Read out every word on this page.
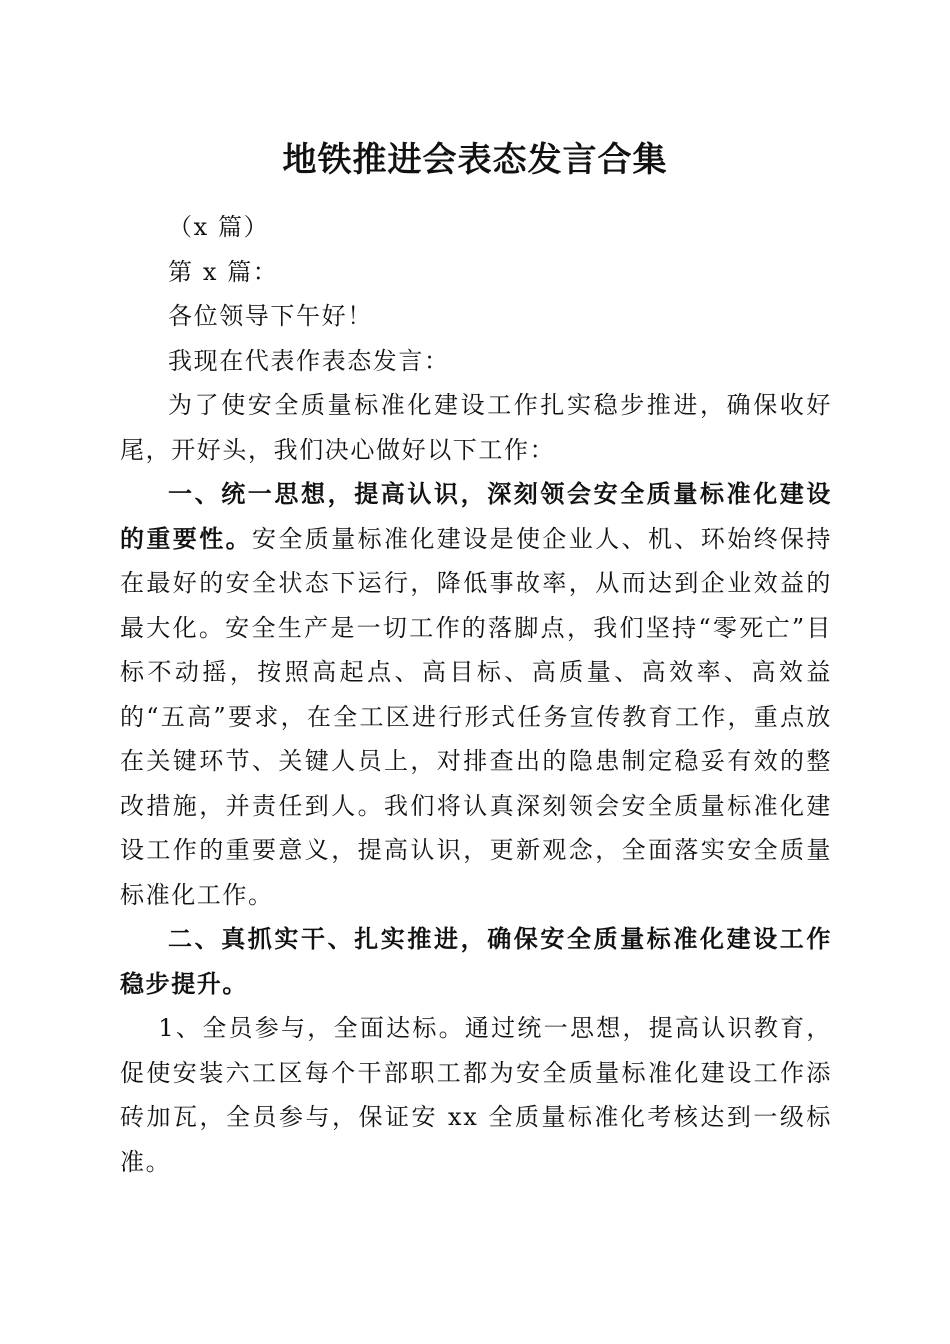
地铁推进会表态发言合集

（x 篇）

第 x 篇：

各位领导下午好！

我现在代表作表态发言：

为了使安全质量标准化建设工作扎实稳步推进，确保收好尾，开好头，我们决心做好以下工作：

一、统一思想，提高认识，深刻领会安全质量标准化建设的重要性。安全质量标准化建设是使企业人、机、环始终保持在最好的安全状态下运行，降低事故率，从而达到企业效益的最大化。安全生产是一切工作的落脚点，我们坚持“零死亡”目标不动摇，按照高起点、高目标、高质量、高效率、高效益的“五高”要求，在全工区进行形式任务宣传教育工作，重点放在关键环节、关键人员上，对排查出的隐患制定稳妥有效的整改措施，并责任到人。我们将认真深刻领会安全质量标准化建设工作的重要意义，提高认识，更新观念，全面落实安全质量标准化工作。

二、真抓实干、扎实推进，确保安全质量标准化建设工作稳步提升。

1、全员参与，全面达标。通过统一思想，提高认识教育，促使安装六工区每个干部职工都为安全质量标准化建设工作添砖加瓦，全员参与，保证安 xx 全质量标准化考核达到一级标准。
